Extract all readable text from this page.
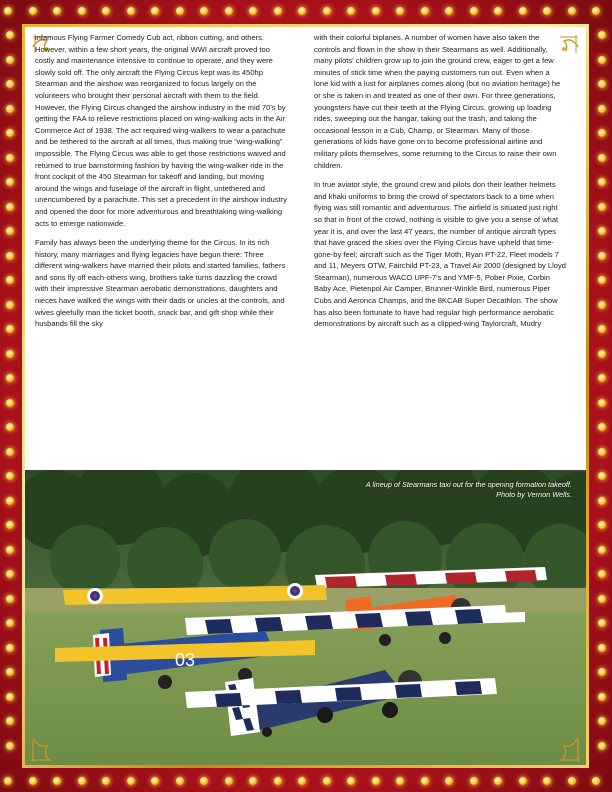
infamous Flying Farmer Comedy Cub act, ribbon cutting, and others. However, within a few short years, the original WWI aircraft proved too costly and maintenance intensive to continue to operate, and they were slowly sold off. The only aircraft the Flying Circus kept was its 450hp Stearman and the airshow was reorganized to focus largely on the volunteers who brought their personal aircraft with them to the field. However, the Flying Circus changed the airshow industry in the mid 70's by getting the FAA to relieve restrictions placed on wing-walking acts in the Air Commerce Act of 1938. The act required wing-walkers to wear a parachute and be tethered to the aircraft at all times, thus making true “wing-walking” impossible. The Flying Circus was able to get those restrictions waived and returned to true barnstorming fashion by having the wing-walker ride in the front cockpit of the 450 Stearman for takeoff and landing, but moving around the wings and fuselage of the aircraft in flight, untethered and unencumbered by a parachute. This set a precedent in the airshow industry and opened the door for more adventurous and breathtaking wing-walking acts to emerge nationwide.

Family has always been the underlying theme for the Circus. In its rich history, many marriages and flying legacies have begun there: Three different wing-walkers have married their pilots and started families, fathers and sons fly off each-others wing, brothers take turns dazzling the crowd with their impressive Stearman aerobatic demonstrations, daughters and nieces have walked the wings with their dads or uncles at the controls, and wives gleefully man the ticket booth, snack bar, and gift shop while their husbands fill the sky

with their colorful biplanes. A number of women have also taken the controls and flown in the show in their Stearmans as well. Additionally, many pilots' children grow up to join the ground crew, eager to get a few minutes of stick time when the paying customers run out. Even when a lone kid with a lust for airplanes comes along (but no aviation heritage) he or she is taken in and treated as one of their own. For three generations, youngsters have cut their teeth at the Flying Circus, growing up loading rides, sweeping out the hangar, taking out the trash, and taking the occasional lesson in a Cub, Champ, or Stearman. Many of those generations of kids have gone on to become professional airline and military pilots themselves, some returning to the Circus to raise their own children.

In true aviator style, the ground crew and pilots don their leather helmets and khaki uniforms to bring the crowd of spectators back to a time when flying was still romantic and adventurous. The airfield is situated just right so that in front of the crowd, nothing is visible to give you a sense of what year it is, and over the last 47 years, the number of antique aircraft types that have graced the skies over the Flying Circus have upheld that time-gone-by feel; aircraft such as the Tiger Moth, Ryan PT-22, Fleet models 7 and 11, Meyers OTW, Fairchild PT-23, a Travel Air 2000 (designed by Lloyd Stearman), numerous WACO UPF-7's and YMF-5, Pober Pixie, Corbin Baby Ace, Pietenpol Air Camper, Brunner-Winkle Bird, numerous Piper Cubs and Aeronca Champs, and the 8KCAB Super Decathlon. The show has also been fortunate to have had regular high performance aerobatic demonstrations by aircraft such as a clipped-wing Taylorcraft, Mudry

03
A lineup of Stearmans taxi out for the opening formation takeoff. Photo by Vernon Wells.
